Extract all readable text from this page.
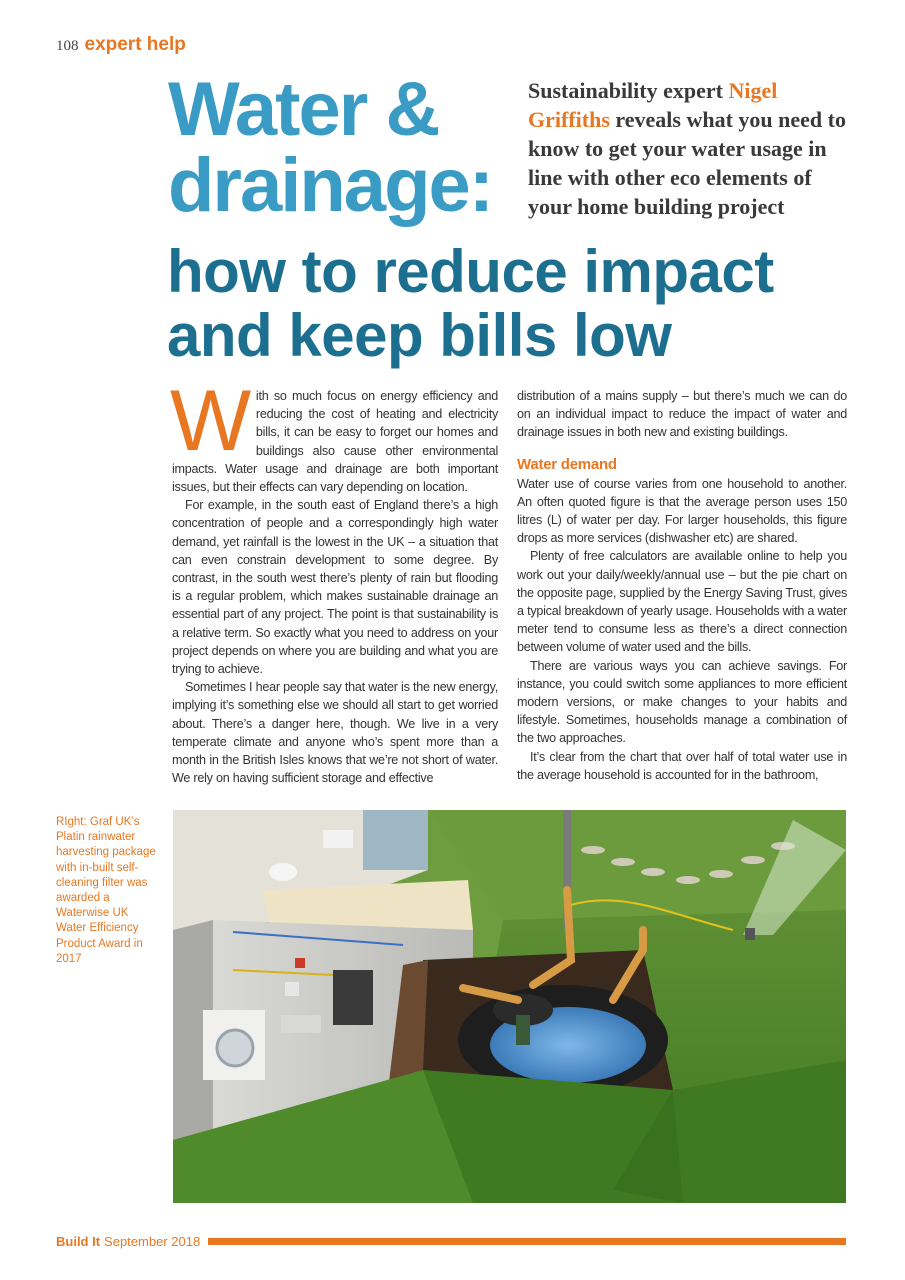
108 expert help
Water &
drainage:
Sustainability expert Nigel Griffiths reveals what you need to know to get your water usage in line with other eco elements of your home building project
how to reduce impact
and keep bills low

With so much focus on energy efficiency and reducing the cost of heating and electricity bills, it can be easy to forget our homes and buildings also cause other environmental impacts. Water usage and drainage are both important issues, but their effects can vary depending on location.

For example, in the south east of England there’s a high concentration of people and a correspondingly high water demand, yet rainfall is the lowest in the UK – a situation that can even constrain development to some degree. By contrast, in the south west there’s plenty of rain but flooding is a regular problem, which makes sustainable drainage an essential part of any project. The point is that sustainability is a relative term. So exactly what you need to address on your project depends on where you are building and what you are trying to achieve.

Sometimes I hear people say that water is the new energy, implying it’s something else we should all start to get worried about. There’s a danger here, though. We live in a very temperate climate and anyone who’s spent more than a month in the British Isles knows that we’re not short of water. We rely on having sufficient storage and effective

distribution of a mains supply – but there’s much we can do on an individual impact to reduce the impact of water and drainage issues in both new and existing buildings.

Water demand

Water use of course varies from one household to another. An often quoted figure is that the average person uses 150 litres (L) of water per day. For larger households, this figure drops as more services (dishwasher etc) are shared.

Plenty of free calculators are available online to help you work out your daily/weekly/annual use – but the pie chart on the opposite page, supplied by the Energy Saving Trust, gives a typical breakdown of yearly usage. Households with a water meter tend to consume less as there’s a direct connection between volume of water used and the bills.

There are various ways you can achieve savings. For instance, you could switch some appliances to more efficient modern versions, or make changes to your habits and lifestyle. Sometimes, households manage a combination of the two approaches.

It’s clear from the chart that over half of total water use in the average household is accounted for in the bathroom,

RIght: Graf UK’s Platin rainwater harvesting package with in-built self-cleaning filter was awarded a Waterwise UK Water Efficiency Product Award in 2017
Build It September 2018
